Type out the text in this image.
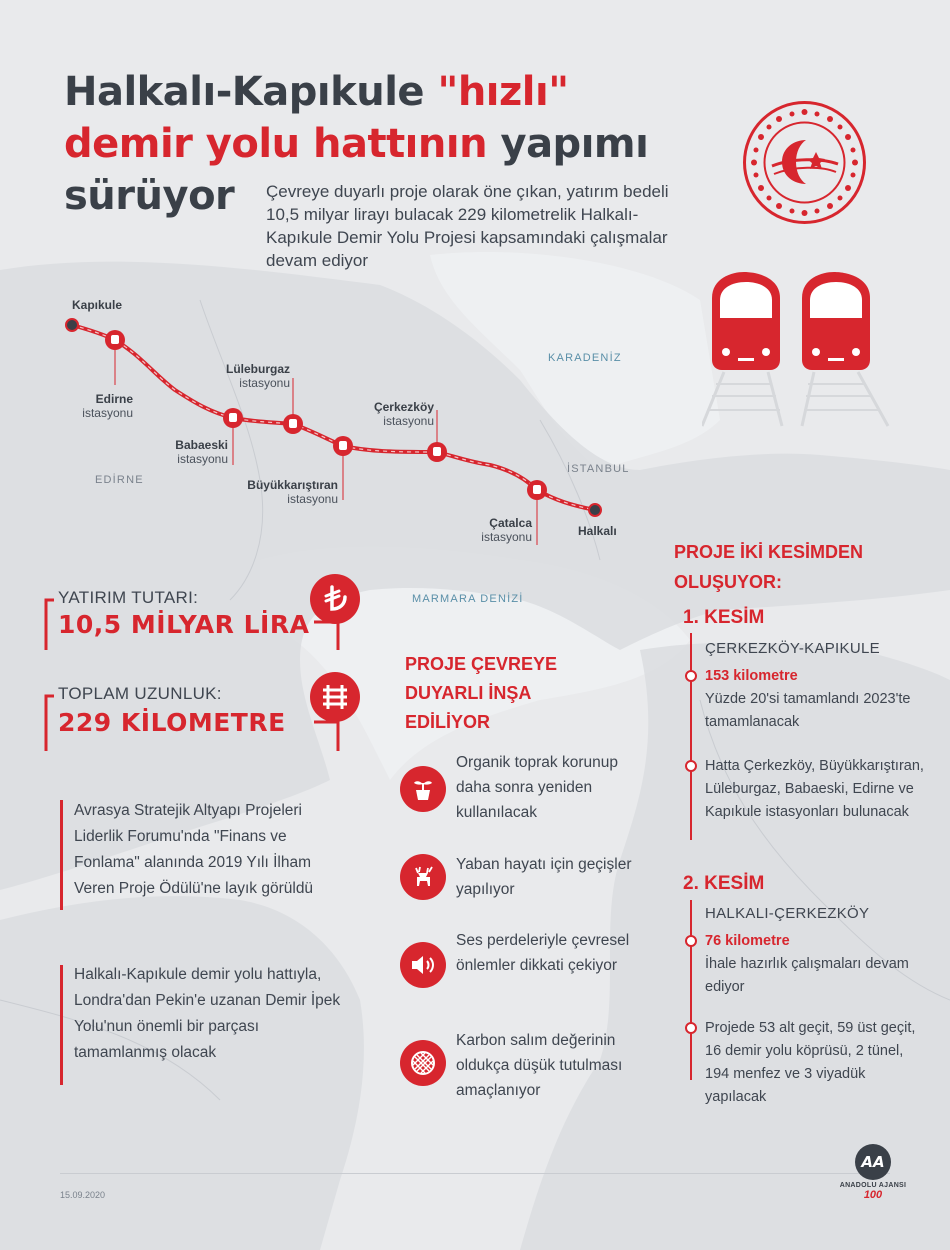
Halkalı-Kapıkule "hızlı"
demir yolu hattının yapımı
sürüyor	Çevreye duyarlı proje olarak öne çıkan, yatırım bedeli 10,5 milyar lirayı bulacak 229 kilometrelik Halkalı-Kapıkule Demir Yolu Projesi kapsamındaki çalışmalar devam ediyor
KARADENİZ
EDİRNE
İSTANBUL
MARMARA DENİZİ
Kapıkule
Edirne
istasyonu
Babaeski
istasyonu
Lüleburgaz
istasyonu
Büyükkarıştıran
istasyonu
Çerkezköy
istasyonu
Çatalca
istasyonu	Halkalı
YATIRIM TUTARI:
10,5 MİLYAR LİRA
TOPLAM UZUNLUK:
229 KİLOMETRE
Avrasya Stratejik Altyapı Projeleri Liderlik Forumu'nda "Finans ve Fonlama" alanında 2019 Yılı İlham Veren Proje Ödülü'ne layık görüldü
Halkalı-Kapıkule demir yolu hattıyla, Londra'dan Pekin'e uzanan Demir İpek Yolu'nun önemli bir parçası tamamlanmış olacak
PROJE ÇEVREYE DUYARLI İNŞA EDİLİYOR
Organik toprak korunup daha sonra yeniden kullanılacak
Yaban hayatı için geçişler yapılıyor
Ses perdeleriyle çevresel önlemler dikkati çekiyor
Karbon salım değerinin oldukça düşük tutulması amaçlanıyor
PROJE İKİ KESİMDEN OLUŞUYOR:
1. KESİM
ÇERKEZKÖY-KAPIKULE
153 kilometre
Yüzde 20'si tamamlandı 2023'te tamamlanacak
Hatta Çerkezköy, Büyükkarıştıran, Lüleburgaz, Babaeski, Edirne ve Kapıkule istasyonları bulunacak
2. KESİM
HALKALI-ÇERKEZKÖY
76 kilometre
İhale hazırlık çalışmaları devam ediyor
Projede 53 alt geçit, 59 üst geçit, 16 demir yolu köprüsü, 2 tünel, 194 menfez ve 3 viyadük yapılacak
15.09.2020
AA
ANADOLU AJANSI
100
